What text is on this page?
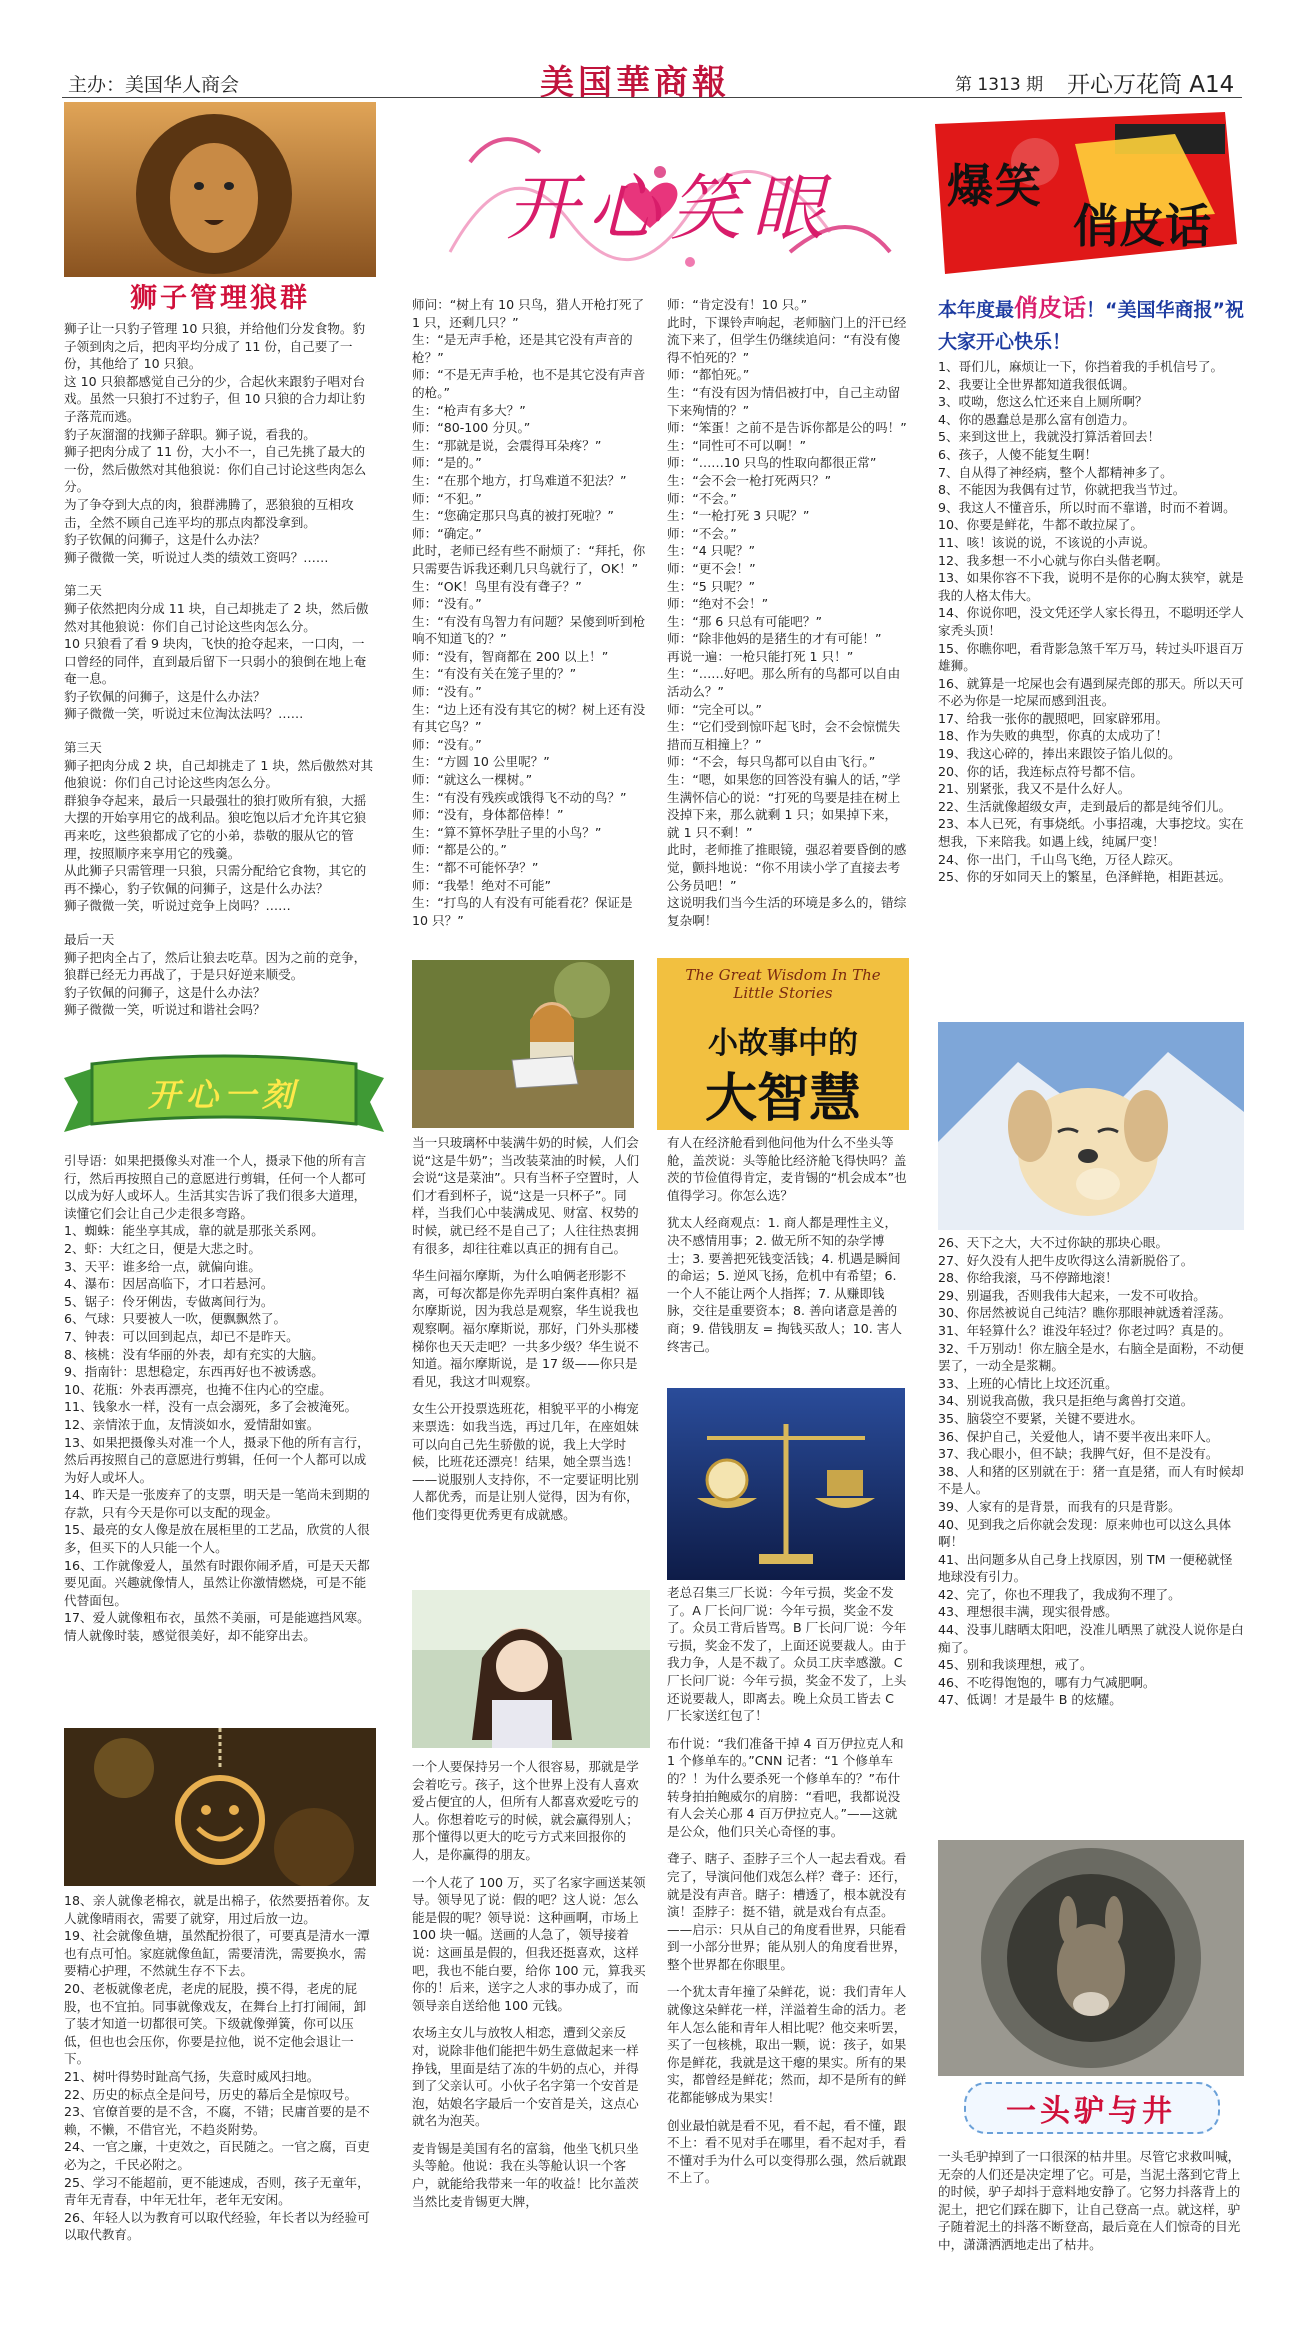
主办：美国华人商会	美国華商報	第 1313 期 开心万花筒 A14
狮子管理狼群

狮子让一只豹子管理 10 只狼，并给他们分发食物。豹子领到肉之后，把肉平均分成了 11 份，自己要了一份，其他给了 10 只狼。

这 10 只狼都感觉自己分的少，合起伙来跟豹子唱对台戏。虽然一只狼打不过豹子，但 10 只狼的合力却让豹子落荒而逃。

豹子灰溜溜的找狮子辞职。狮子说，看我的。

狮子把肉分成了 11 份，大小不一，自己先挑了最大的一份，然后傲然对其他狼说：你们自己讨论这些肉怎么分。

为了争夺到大点的肉，狼群沸腾了，恶狼狼的互相攻击，全然不顾自己连平均的那点肉都没拿到。

豹子钦佩的问狮子，这是什么办法？

狮子微微一笑，听说过人类的绩效工资吗？……

第二天

狮子依然把肉分成 11 块，自己却挑走了 2 块，然后傲然对其他狼说：你们自己讨论这些肉怎么分。

10 只狼看了看 9 块肉，飞快的抢夺起来，一口肉，一口曾经的同伴，直到最后留下一只弱小的狼倒在地上奄奄一息。

豹子钦佩的问狮子，这是什么办法？

狮子微微一笑，听说过末位淘汰法吗？……

第三天

狮子把肉分成 2 块，自己却挑走了 1 块，然后傲然对其他狼说：你们自己讨论这些肉怎么分。

群狼争夺起来，最后一只最强壮的狼打败所有狼，大摇大摆的开始享用它的战利品。狼吃饱以后才允许其它狼再来吃，这些狼都成了它的小弟，恭敬的服从它的管理，按照顺序来享用它的残羹。

从此狮子只需管理一只狼，只需分配给它食物，其它的再不操心，豹子钦佩的问狮子，这是什么办法？

狮子微微一笑，听说过竞争上岗吗？……

最后一天

狮子把肉全占了，然后让狼去吃草。因为之前的竞争，狼群已经无力再战了，于是只好逆来顺受。

豹子钦佩的问狮子，这是什么办法？

狮子微微一笑，听说过和谐社会吗？

开心一刻

引导语：如果把摄像头对准一个人，摄录下他的所有言行，然后再按照自己的意愿进行剪辑，任何一个人都可以成为好人或坏人。生活其实告诉了我们很多大道理，读懂它们会让自己少走很多弯路。

1、蜘蛛：能坐享其成，靠的就是那张关系网。

2、虾：大红之日，便是大悲之时。

3、天平：谁多给一点，就偏向谁。

4、瀑布：因居高临下，才口若悬河。

5、锯子：伶牙俐齿，专做离间行为。

6、气球：只要被人一吹，便飘飘然了。

7、钟表：可以回到起点，却已不是昨天。

8、核桃：没有华丽的外表，却有充实的大脑。

9、指南针：思想稳定，东西再好也不被诱惑。

10、花瓶：外表再漂亮，也掩不住内心的空虚。

11、钱象水一样，没有一点会溺死，多了会被淹死。

12、亲情浓于血，友情淡如水，爱情甜如蜜。

13、如果把摄像头对准一个人，摄录下他的所有言行，然后再按照自己的意愿进行剪辑，任何一个人都可以成为好人或坏人。

14、昨天是一张废弃了的支票，明天是一笔尚未到期的存款，只有今天是你可以支配的现金。

15、最亮的女人像是放在展柜里的工艺品，欣赏的人很多，但买下的人只能一个人。

16、工作就像爱人，虽然有时跟你闹矛盾，可是天天都要见面。兴趣就像情人，虽然让你激情燃烧，可是不能代替面包。

17、爱人就像粗布衣，虽然不美丽，可是能遮挡风寒。情人就像时装，感觉很美好，却不能穿出去。

18、亲人就像老棉衣，就是出棉子，依然要捂着你。友人就像晴雨衣，需要了就穿，用过后放一边。

19、社会就像鱼塘，虽然配扮很了，可要真是清水一潭也有点可怕。家庭就像鱼缸，需要清洗，需要换水，需要精心护理，不然就生存不下去。

20、老板就像老虎，老虎的屁股，摸不得，老虎的屁股，也不宜拍。同事就像戏友，在舞台上打打闹闹，卸了装才知道一切都很可笑。下级就像弹簧，你可以压低，但也也会压你，你要是拉他，说不定他会退让一下。

21、树叶得势时趾高气扬，失意时威风扫地。

22、历史的标点全是问号，历史的幕后全是惊叹号。

23、官僚首要的是不含，不腐，不错；民庸首要的是不赖，不懒，不借官光，不趋炎附势。

24、一官之廉，十吏效之，百民随之。一官之腐，百吏必为之，千民必附之。

25、学习不能超前，更不能速成，否则，孩子无童年，青年无青春，中年无壮年，老年无安闲。

26、年轻人以为教育可以取代经验，年长者以为经验可以取代教育。

开心笑眼

师问：“树上有 10 只鸟，猎人开枪打死了 1 只，还剩几只？”

生：“是无声手枪，还是其它没有声音的枪？”

师：“不是无声手枪，也不是其它没有声音的枪。”

生：“枪声有多大？”

师：“80-100 分贝。”

生：“那就是说，会震得耳朵疼？”

师：“是的。”

生：“在那个地方，打鸟难道不犯法？”

师：“不犯。”

生：“您确定那只鸟真的被打死啦？”

师：“确定。”

此时，老师已经有些不耐烦了：“拜托，你只需要告诉我还剩几只鸟就行了，OK！”

生：“OK！鸟里有没有聋子？”

师：“没有。”

生：“有没有鸟智力有问题？呆傻到听到枪响不知道飞的？”

师：“没有，智商都在 200 以上！”

生：“有没有关在笼子里的？”

师：“没有。”

生：“边上还有没有其它的树？树上还有没有其它鸟？”

师：“没有。”

生：“方圆 10 公里呢？”

师：“就这么一棵树。”

生：“有没有残疾或饿得飞不动的鸟？”

师：“没有，身体都倍棒！”

生：“算不算怀孕肚子里的小鸟？”

师：“都是公的。”

生：“都不可能怀孕？”

师：“我晕！绝对不可能”

生：“打鸟的人有没有可能看花？保证是 10 只？”

师：“肯定没有！10 只。”

此时，下课铃声响起，老师脑门上的汗已经流下来了，但学生仍继续追问：“有没有傻得不怕死的？”

师：“都怕死。”

生：“有没有因为情侣被打中，自己主动留下来殉情的？”

师：“笨蛋！之前不是告诉你都是公的吗！”

生：“同性可不可以啊！”

师：“……10 只鸟的性取向都很正常”

生：“会不会一枪打死两只？”

师：“不会。”

生：“一枪打死 3 只呢？”

师：“不会。”

生：“4 只呢？”

师：“更不会！”

生：“5 只呢？”

师：“绝对不会！”

生：“那 6 只总有可能吧？”

师：“除非他妈的是猪生的才有可能！”

再说一遍：一枪只能打死 1 只！”

生：“……好吧。那么所有的鸟都可以自由活动么？”

师：“完全可以。”

生：“它们受到惊吓起飞时，会不会惊慌失措而互相撞上？”

师：“不会，每只鸟都可以自由飞行。”

生：“嗯，如果您的回答没有骗人的话，”学生满怀信心的说：“打死的鸟要是挂在树上没掉下来，那么就剩 1 只；如果掉下来，就 1 只不剩！”

此时，老师推了推眼镜，强忍着要昏倒的感觉，颤抖地说：“你不用读小学了直接去考公务员吧！”

这说明我们当今生活的环境是多么的，错综复杂啊！

The Great Wisdom In The Little Stories
小故事中的
大智慧

当一只玻璃杯中装满牛奶的时候，人们会说“这是牛奶”；当改装菜油的时候，人们会说“这是菜油”。只有当杯子空置时，人们才看到杯子，说“这是一只杯子”。同样，当我们心中装满成见、财富、权势的时候，就已经不是自己了；人往往热衷拥有很多，却往往难以真正的拥有自己。

华生问福尔摩斯，为什么咱俩老形影不离，可每次都是你先弄明白案件真相？福尔摩斯说，因为我总是观察，华生说我也观察啊。福尔摩斯说，那好，门外头那楼梯你也天天走吧？一共多少级？华生说不知道。福尔摩斯说，是 17 级——你只是看见，我这才叫观察。

女生公开投票选班花，相貌平平的小梅宠来票选：如我当选，再过几年，在座姐妹可以向自己先生骄傲的说，我上大学时候，比班花还漂亮！结果，她全票当选！——说服别人支持你，不一定要证明比别人都优秀，而是让别人觉得，因为有你，他们变得更优秀更有成就感。

一个人要保持另一个人很容易，那就是学会着吃亏。孩子，这个世界上没有人喜欢爱占便宜的人，但所有人都喜欢爱吃亏的人。你想着吃亏的时候，就会赢得别人；那个懂得以更大的吃亏方式来回报你的人，是你赢得的朋友。

一个人花了 100 万，买了名家字画送某领导。领导见了说：假的吧？这人说：怎么能是假的呢？领导说：这种画啊，市场上 100 块一幅。送画的人急了，领导接着说：这画虽是假的，但我还挺喜欢，这样吧，我也不能白要，给你 100 元，算我买你的！后来，送字之人求的事办成了，而领导亲自送给他 100 元钱。

农场主女儿与放牧人相恋，遭到父亲反对，说除非他们能把牛奶生意做起来一样挣钱，里面是结了冻的牛奶的点心，并得到了父亲认可。小伙子名字第一个安首是泡，姑娘名字最后一个安首是关，这点心就名为泡芙。

麦肯锡是美国有名的富翁，他坐飞机只坐头等舱。他说：我在头等舱认识一个客户，就能给我带来一年的收益！比尔盖茨当然比麦肯锡更大牌，

有人在经济舱看到他问他为什么不坐头等舱，盖茨说：头等舱比经济舱飞得快吗？盖茨的节俭值得肯定，麦肯锡的“机会成本”也值得学习。你怎么选？

犹太人经商观点：1. 商人都是理性主义，决不感情用事；2. 做无所不知的杂学博士；3. 要善把死钱变活钱；4. 机遇是瞬间的命运；5. 逆风飞扬，危机中有希望；6. 一个人不能让两个人指挥；7. 从赚即钱脉，交往是重要资本；8. 善向诸意是善的商；9. 借钱朋友 = 掏钱买敌人；10. 害人终害己。

老总召集三厂长说：今年亏损，奖金不发了。A 厂长问厂说：今年亏损，奖金不发了。众员工背后皆骂。B 厂长问厂说：今年亏损，奖金不发了，上面还说要裁人。由于我力争，人是不裁了。众员工庆幸感激。C 厂长问厂说：今年亏损，奖金不发了，上头还说要裁人，即离去。晚上众员工皆去 C 厂长家送红包了！

布什说：“我们准备干掉 4 百万伊拉克人和 1 个修单车的。”CNN 记者：“1 个修单车的？！为什么要杀死一个修单车的？”布什转身拍拍鲍威尔的肩膀：“看吧，我都说没有人会关心那 4 百万伊拉克人。”——这就是公众，他们只关心奇怪的事。

聋子、瞎子、歪脖子三个人一起去看戏。看完了，导演问他们戏怎么样？聋子：还行，就是没有声音。瞎子：槽透了，根本就没有演！歪脖子：挺不错，就是戏台有点歪。——启示：只从自己的角度看世界，只能看到一小部分世界；能从别人的角度看世界，整个世界都在你眼里。

一个犹太青年撞了朵鲜花，说：我们青年人就像这朵鲜花一样，洋溢着生命的活力。老年人怎么能和青年人相比呢？他交来听罢，买了一包核桃，取出一颗，说：孩子，如果你是鲜花，我就是这干瘪的果实。所有的果实，都曾经是鲜花；然而，却不是所有的鲜花都能够成为果实！

创业最怕就是看不见，看不起，看不懂，跟不上：看不见对手在哪里，看不起对手，看不懂对手为什么可以变得那么强，然后就跟不上了。

爆笑
俏皮话
本年度最俏皮话！“美国华商报”祝大家开心快乐！

1、哥们儿，麻烦让一下，你挡着我的手机信号了。

2、我要让全世界都知道我很低调。

3、哎呦，您这么忙还来自上厕所啊？

4、你的愚蠢总是那么富有创造力。

5、来到这世上，我就没打算活着回去！

6、孩子，人傻不能复生啊！

7、自从得了神经病，整个人都精神多了。

8、不能因为我偶有过节，你就把我当节过。

9、我这人不懂音乐，所以时而不靠谱，时而不着调。

10、你要是鲜花，牛都不敢拉屎了。

11、咳！该说的说，不该说的小声说。

12、我多想一不小心就与你白头偕老啊。

13、如果你容不下我，说明不是你的心胸太狭窄，就是我的人格太伟大。

14、你说你吧，没文凭还学人家长得丑，不聪明还学人家秃头顶！

15、你瞧你吧，看背影急煞千军万马，转过头吓退百万雄狮。

16、就算是一坨屎也会有遇到屎壳郎的那天。所以天可不必为你是一坨屎而感到沮丧。

17、给我一张你的靓照吧，回家辟邪用。

18、作为失败的典型，你真的太成功了！

19、我这心碎的，捧出来跟饺子馅儿似的。

20、你的话，我连标点符号都不信。

21、别紧张，我又不是什么好人。

22、生活就像超级女声，走到最后的都是纯爷们儿。

23、本人已死，有事烧纸。小事招魂，大事挖坟。实在想我，下来陪我。如遇上线，纯属尸变！

24、你一出门，千山鸟飞绝，万径人踪灭。

25、你的牙如同天上的繁星，色泽鲜艳，相距甚远。

26、天下之大，大不过你缺的那块心眼。

27、好久没有人把牛皮吹得这么清新脱俗了。

28、你给我滚，马不停蹄地滚！

29、别逼我，否则我伟大起来，一发不可收拾。

30、你居然被说自己纯洁？瞧你那眼神就透着淫荡。

31、年轻算什么？谁没年轻过？你老过吗？真是的。

32、千万别动！你左脑全是水，右脑全是面粉，不动便罢了，一动全是浆糊。

33、上班的心情比上坟还沉重。

34、别说我高傲，我只是拒绝与禽兽打交道。

35、脑袋空不要紧，关键不要进水。

36、保护自己，关爱他人，请不要半夜出来吓人。

37、我心眼小，但不缺；我脾气好，但不是没有。

38、人和猪的区别就在于：猪一直是猪，而人有时候却不是人。

39、人家有的是背景，而我有的只是背影。

40、见到我之后你就会发现：原来帅也可以这么具体啊！

41、出问题多从自己身上找原因，别 TM 一便秘就怪地球没有引力。

42、完了，你也不理我了，我成狗不理了。

43、理想很丰满，现实很骨感。

44、没事儿瞎晒太阳吧，没准儿晒黑了就没人说你是白痴了。

45、别和我谈理想，戒了。

46、不吃得饱饱的，哪有力气减肥啊。

47、低调！才是最牛 B 的炫耀。

一头驴与井

一头毛驴掉到了一口很深的枯井里。尽管它求救叫喊，无奈的人们还是决定埋了它。可是，当泥土落到它背上的时候，驴子却抖于意料地安静了。它努力抖落背上的泥土，把它们踩在脚下，让自己登高一点。就这样，驴子随着泥土的抖落不断登高，最后竟在人们惊奇的目光中，潇潇洒洒地走出了枯井。
